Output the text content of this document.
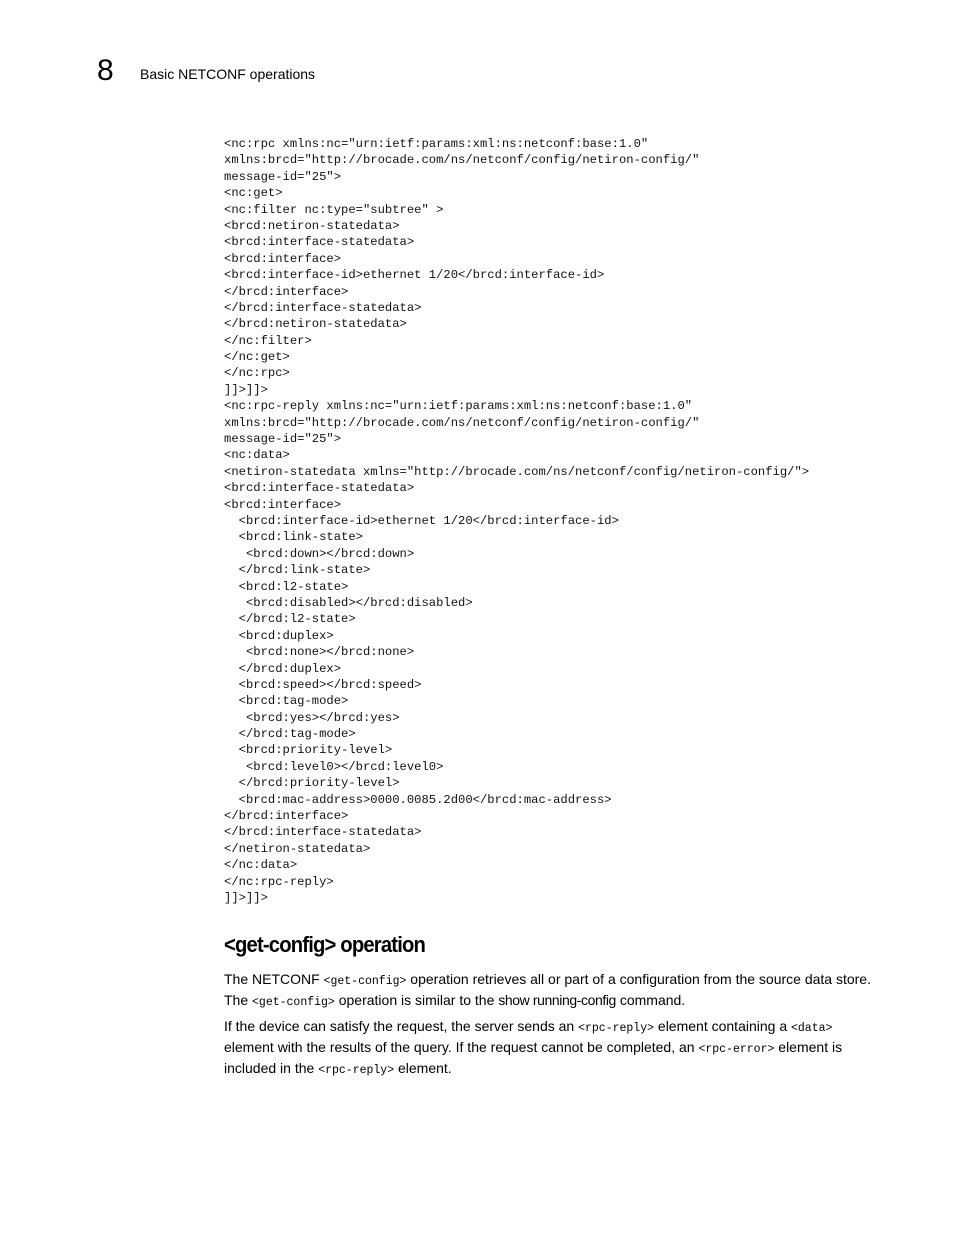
8 Basic NETCONF operations
<nc:rpc xmlns:nc="urn:ietf:params:xml:ns:netconf:base:1.0"
xmlns:brcd="http://brocade.com/ns/netconf/config/netiron-config/"
message-id="25">
<nc:get>
<nc:filter nc:type="subtree" >
<brcd:netiron-statedata>
<brcd:interface-statedata>
<brcd:interface>
<brcd:interface-id>ethernet 1/20</brcd:interface-id>
</brcd:interface>
</brcd:interface-statedata>
</brcd:netiron-statedata>
</nc:filter>
</nc:get>
</nc:rpc>
]]>]]>
<nc:rpc-reply xmlns:nc="urn:ietf:params:xml:ns:netconf:base:1.0"
xmlns:brcd="http://brocade.com/ns/netconf/config/netiron-config/"
message-id="25">
<nc:data>
<netiron-statedata xmlns="http://brocade.com/ns/netconf/config/netiron-config/">
<brcd:interface-statedata>
<brcd:interface>
<brcd:interface-id>ethernet 1/20</brcd:interface-id>
<brcd:link-state>
<brcd:down></brcd:down>
</brcd:link-state>
<brcd:l2-state>
<brcd:disabled></brcd:disabled>
</brcd:l2-state>
<brcd:duplex>
<brcd:none></brcd:none>
</brcd:duplex>
<brcd:speed></brcd:speed>
<brcd:tag-mode>
<brcd:yes></brcd:yes>
</brcd:tag-mode>
<brcd:priority-level>
<brcd:level0></brcd:level0>
</brcd:priority-level>
<brcd:mac-address>0000.0085.2d00</brcd:mac-address>
</brcd:interface>
</brcd:interface-statedata>
</netiron-statedata>
</nc:data>
</nc:rpc-reply>
]]>]]>
<get-config> operation

The NETCONF <get-config> operation retrieves all or part of a configuration from the source data store. The <get-config> operation is similar to the show running-config command.

If the device can satisfy the request, the server sends an <rpc-reply> element containing a <data> element with the results of the query. If the request cannot be completed, an <rpc-error> element is included in the <rpc-reply> element.
